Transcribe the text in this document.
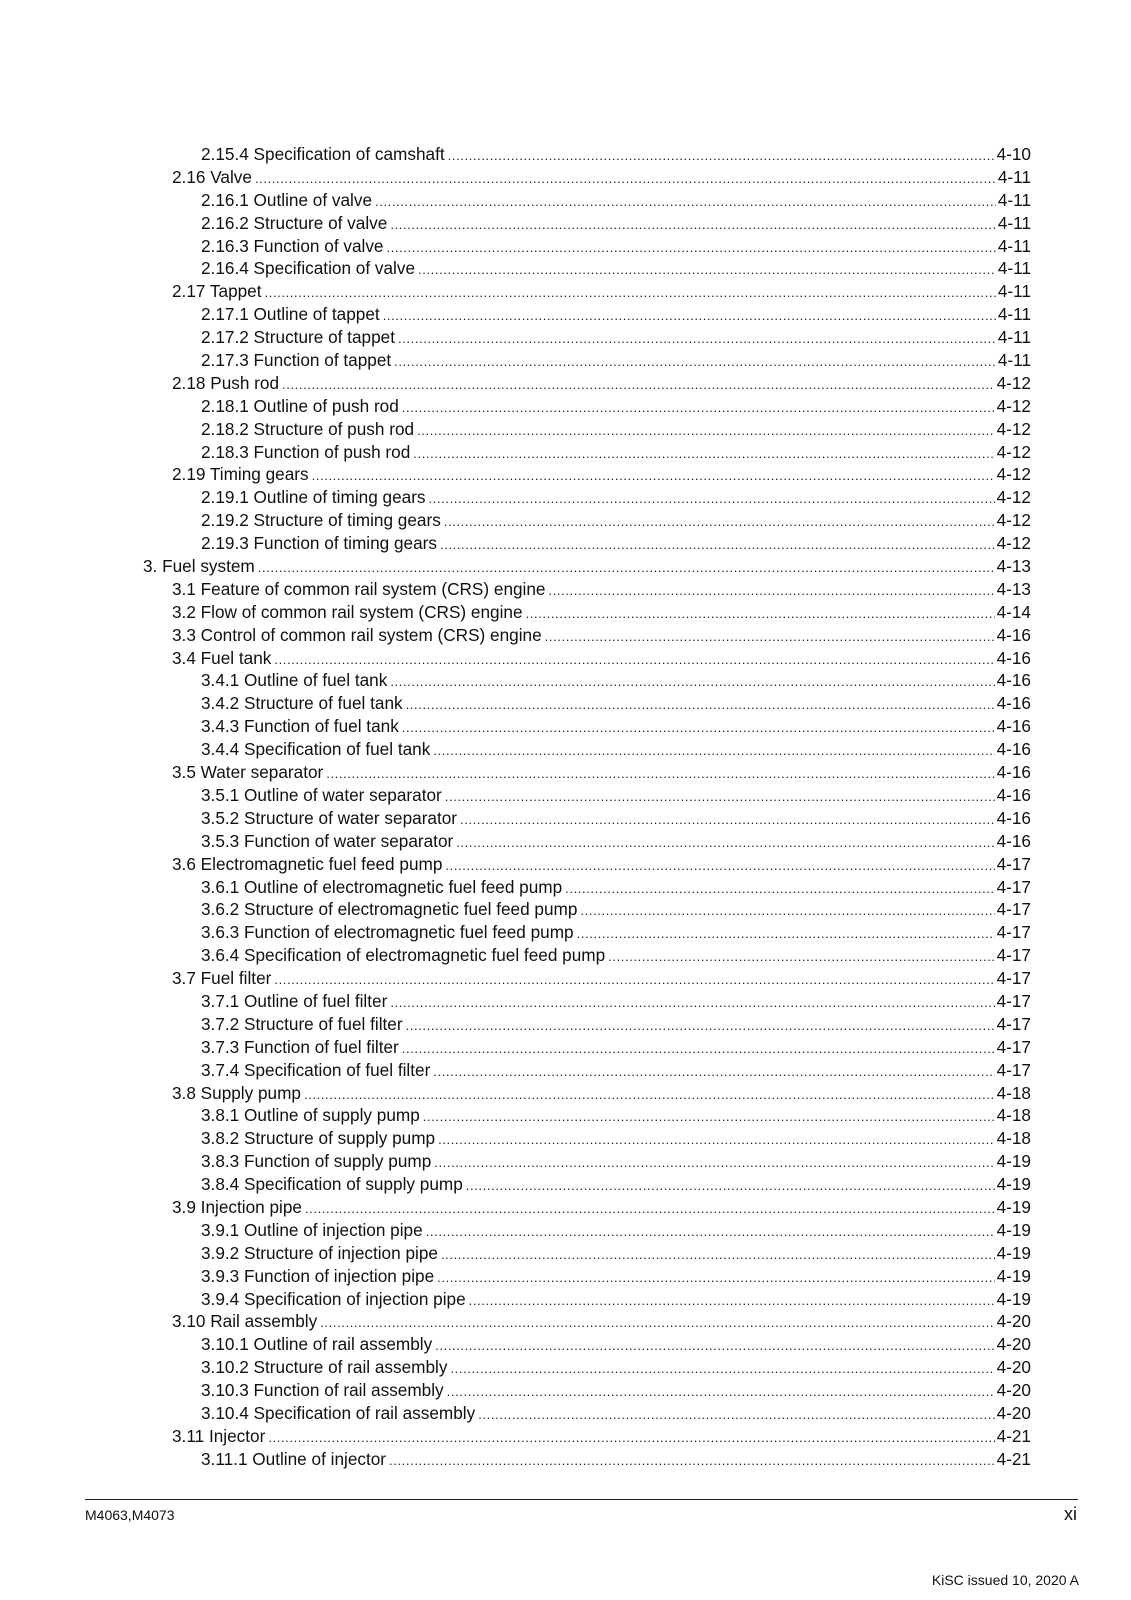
2.15.4 Specification of camshaft .....	4-10
2.16 Valve .....	4-11
2.16.1 Outline of valve .....	4-11
2.16.2 Structure of valve .....	4-11
2.16.3 Function of valve .....	4-11
2.16.4 Specification of valve .....	4-11
2.17 Tappet .....	4-11
2.17.1 Outline of tappet .....	4-11
2.17.2 Structure of tappet .....	4-11
2.17.3 Function of tappet .....	4-11
2.18 Push rod .....	4-12
2.18.1 Outline of push rod .....	4-12
2.18.2 Structure of push rod .....	4-12
2.18.3 Function of push rod .....	4-12
2.19 Timing gears .....	4-12
2.19.1 Outline of timing gears .....	4-12
2.19.2 Structure of timing gears .....	4-12
2.19.3 Function of timing gears .....	4-12
3. Fuel system .....	4-13
3.1 Feature of common rail system (CRS) engine .....	4-13
3.2 Flow of common rail system (CRS) engine .....	4-14
3.3 Control of common rail system (CRS) engine .....	4-16
3.4 Fuel tank .....	4-16
3.4.1 Outline of fuel tank .....	4-16
3.4.2 Structure of fuel tank .....	4-16
3.4.3 Function of fuel tank .....	4-16
3.4.4 Specification of fuel tank .....	4-16
3.5 Water separator .....	4-16
3.5.1 Outline of water separator .....	4-16
3.5.2 Structure of water separator .....	4-16
3.5.3 Function of water separator .....	4-16
3.6 Electromagnetic fuel feed pump .....	4-17
3.6.1 Outline of electromagnetic fuel feed pump .....	4-17
3.6.2 Structure of electromagnetic fuel feed pump .....	4-17
3.6.3 Function of electromagnetic fuel feed pump .....	4-17
3.6.4 Specification of electromagnetic fuel feed pump .....	4-17
3.7 Fuel filter .....	4-17
3.7.1 Outline of fuel filter .....	4-17
3.7.2 Structure of fuel filter .....	4-17
3.7.3 Function of fuel filter .....	4-17
3.7.4 Specification of fuel filter .....	4-17
3.8 Supply pump .....	4-18
3.8.1 Outline of supply pump .....	4-18
3.8.2 Structure of supply pump .....	4-18
3.8.3 Function of supply pump .....	4-19
3.8.4 Specification of supply pump .....	4-19
3.9 Injection pipe .....	4-19
3.9.1 Outline of injection pipe .....	4-19
3.9.2 Structure of injection pipe .....	4-19
3.9.3 Function of injection pipe .....	4-19
3.9.4 Specification of injection pipe .....	4-19
3.10 Rail assembly .....	4-20
3.10.1 Outline of rail assembly .....	4-20
3.10.2 Structure of rail assembly .....	4-20
3.10.3 Function of rail assembly .....	4-20
3.10.4 Specification of rail assembly .....	4-20
3.11 Injector .....	4-21
3.11.1 Outline of injector .....	4-21
M4063,M4073	xi
KiSC issued 10, 2020 A
